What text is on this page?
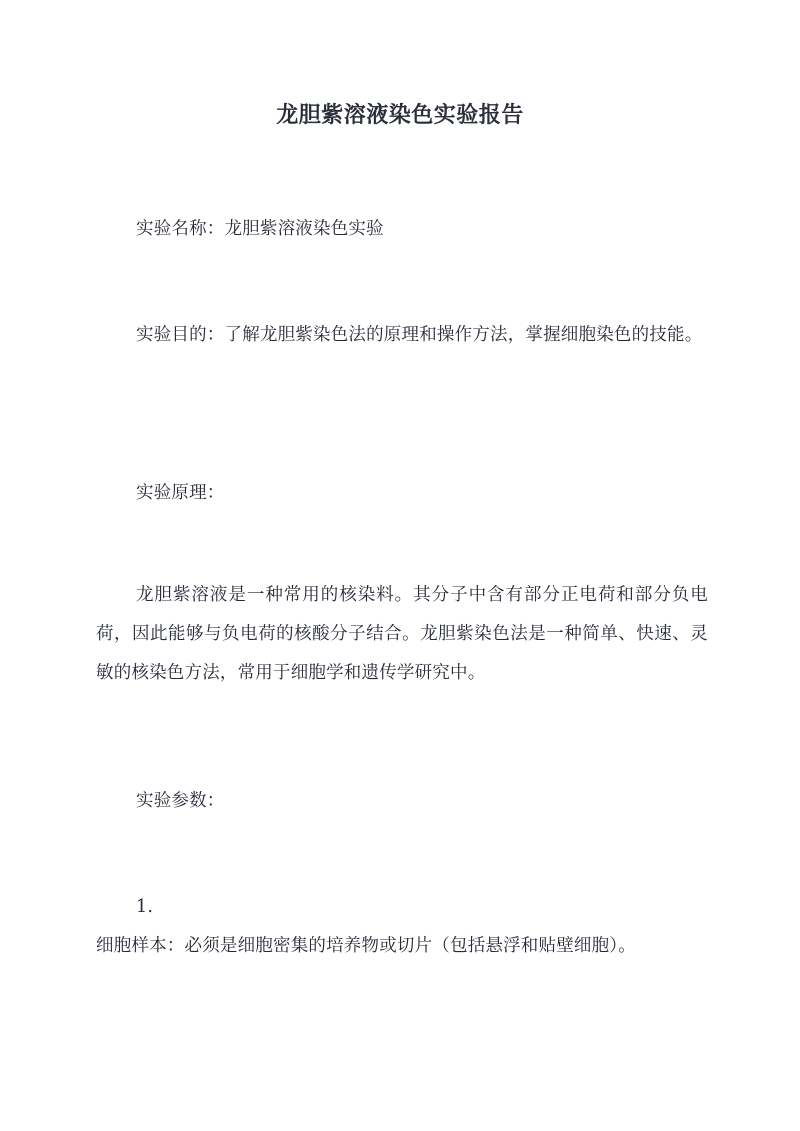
龙胆紫溶液染色实验报告
实验名称：龙胆紫溶液染色实验
实验目的：了解龙胆紫染色法的原理和操作方法，掌握细胞染色的技能。
实验原理：
龙胆紫溶液是一种常用的核染料。其分子中含有部分正电荷和部分负电荷，因此能够与负电荷的核酸分子结合。龙胆紫染色法是一种简单、快速、灵敏的核染色方法，常用于细胞学和遗传学研究中。
实验参数：
1.
细胞样本：必须是细胞密集的培养物或切片（包括悬浮和贴壁细胞）。
